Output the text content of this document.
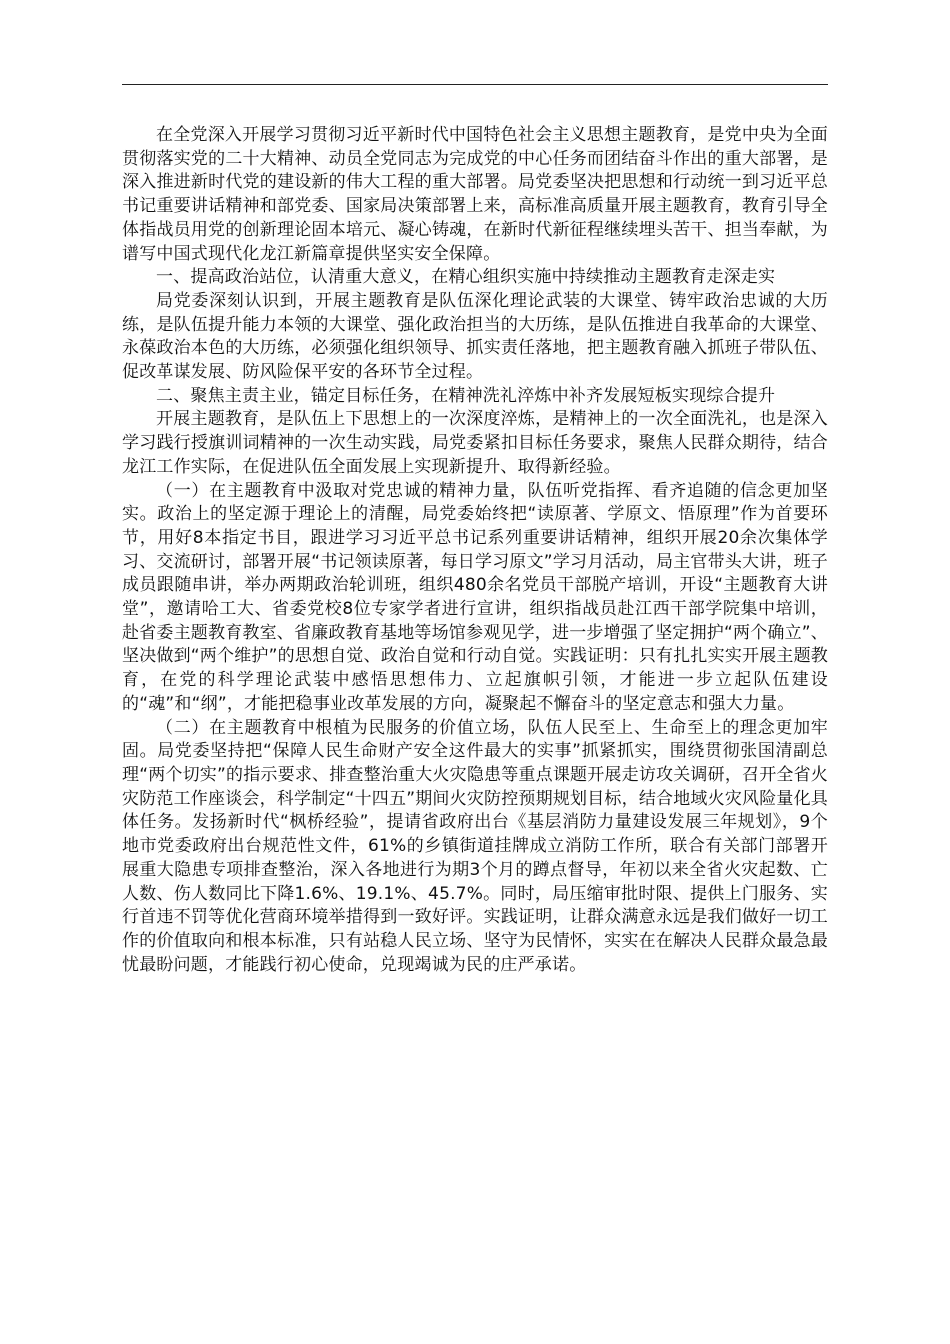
在全党深入开展学习贯彻习近平新时代中国特色社会主义思想主题教育，是党中央为全面贯彻落实党的二十大精神、动员全党同志为完成党的中心任务而团结奋斗作出的重大部署，是深入推进新时代党的建设新的伟大工程的重大部署。局党委坚决把思想和行动统一到习近平总书记重要讲话精神和部党委、国家局决策部署上来，高标准高质量开展主题教育，教育引导全体指战员用党的创新理论固本培元、凝心铸魂，在新时代新征程继续埋头苦干、担当奉献，为谱写中国式现代化龙江新篇章提供坚实安全保障。

一、提高政治站位，认清重大意义，在精心组织实施中持续推动主题教育走深走实

局党委深刻认识到，开展主题教育是队伍深化理论武装的大课堂、铸牢政治忠诚的大历练，是队伍提升能力本领的大课堂、强化政治担当的大历练，是队伍推进自我革命的大课堂、永葆政治本色的大历练，必须强化组织领导、抓实责任落地，把主题教育融入抓班子带队伍、促改革谋发展、防风险保平安的各环节全过程。

二、聚焦主责主业，锚定目标任务，在精神洗礼淬炼中补齐发展短板实现综合提升

开展主题教育，是队伍上下思想上的一次深度淬炼，是精神上的一次全面洗礼，也是深入学习践行授旗训词精神的一次生动实践，局党委紧扣目标任务要求，聚焦人民群众期待，结合龙江工作实际，在促进队伍全面发展上实现新提升、取得新经验。

（一）在主题教育中汲取对党忠诚的精神力量，队伍听党指挥、看齐追随的信念更加坚实。政治上的坚定源于理论上的清醒，局党委始终把“读原著、学原文、悟原理”作为首要环节，用好8本指定书目，跟进学习习近平总书记系列重要讲话精神，组织开展20余次集体学习、交流研讨，部署开展“书记领读原著，每日学习原文”学习月活动，局主官带头大讲，班子成员跟随串讲，举办两期政治轮训班，组织480余名党员干部脱产培训，开设“主题教育大讲堂”，邀请哈工大、省委党校8位专家学者进行宣讲，组织指战员赴江西干部学院集中培训，赴省委主题教育教室、省廉政教育基地等场馆参观见学，进一步增强了坚定拥护“两个确立”、坚决做到“两个维护”的思想自觉、政治自觉和行动自觉。实践证明：只有扎扎实实开展主题教育，在党的科学理论武装中感悟思想伟力、立起旗帜引领，才能进一步立起队伍建设的“魂”和“纲”，才能把稳事业改革发展的方向，凝聚起不懈奋斗的坚定意志和强大力量。

（二）在主题教育中根植为民服务的价值立场，队伍人民至上、生命至上的理念更加牢固。局党委坚持把“保障人民生命财产安全这件最大的实事”抓紧抓实，围绕贯彻张国清副总理“两个切实”的指示要求、排查整治重大火灾隐患等重点课题开展走访攻关调研，召开全省火灾防范工作座谈会，科学制定“十四五”期间火灾防控预期规划目标，结合地域火灾风险量化具体任务。发扬新时代“枫桥经验”，提请省政府出台《基层消防力量建设发展三年规划》，9个地市党委政府出台规范性文件，61%的乡镇街道挂牌成立消防工作所，联合有关部门部署开展重大隐患专项排查整治，深入各地进行为期3个月的蹲点督导，年初以来全省火灾起数、亡人数、伤人数同比下降1.6%、19.1%、45.7%。同时，局压缩审批时限、提供上门服务、实行首违不罚等优化营商环境举措得到一致好评。实践证明，让群众满意永远是我们做好一切工作的价值取向和根本标准，只有站稳人民立场、坚守为民情怀，实实在在解决人民群众最急最忧最盼问题，才能践行初心使命，兑现竭诚为民的庄严承诺。
